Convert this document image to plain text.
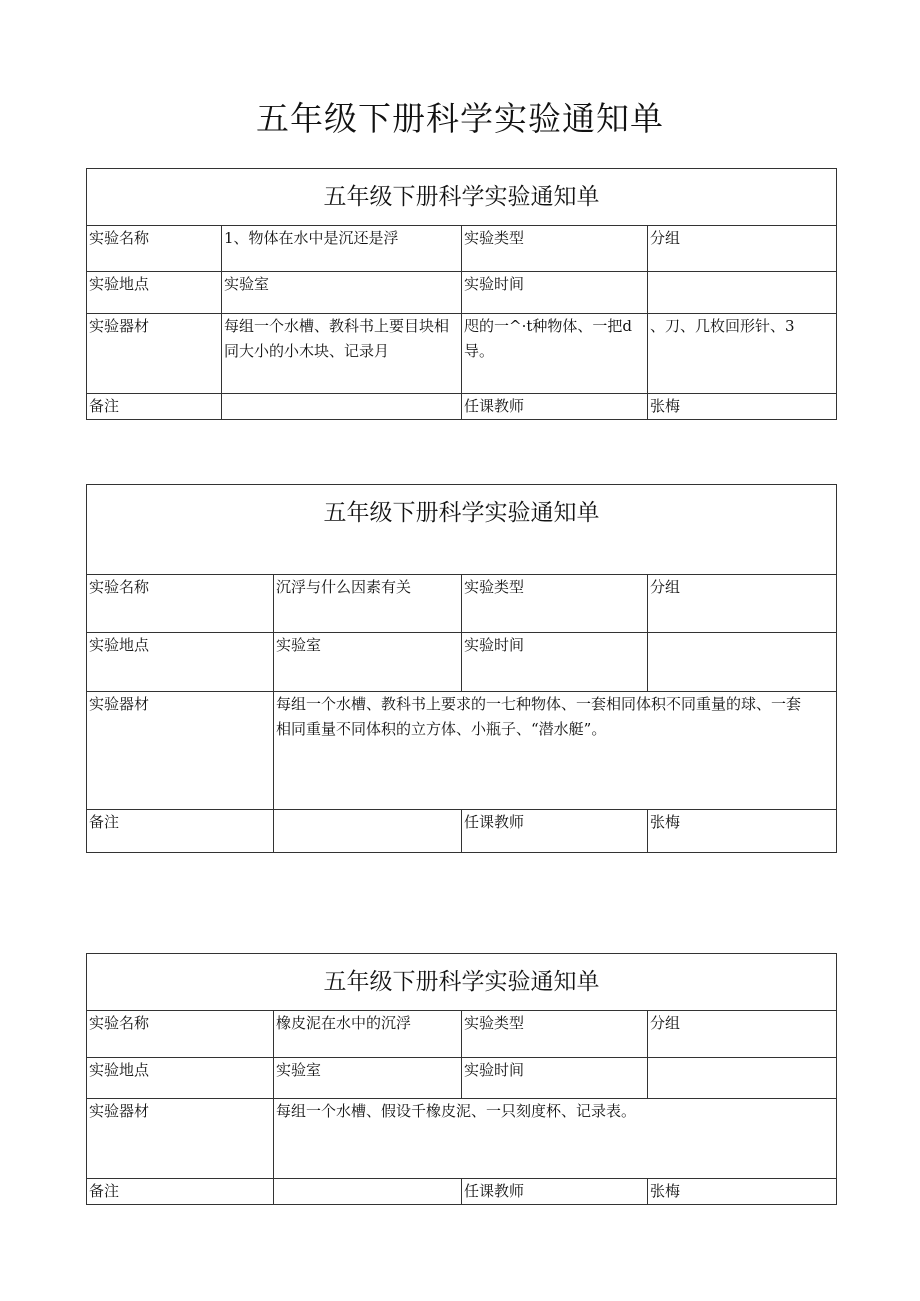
五年级下册科学实验通知单
五年级下册科学实验通知单			
实验名称	1、物体在水中是沉还是浮	实验类型	分组
实验地点	实验室	实验时间	
实验器材	每组一个水槽、教科书上要目块相同大小的小木块、记录月	咫的一^·t种物体、一把d导。	、刀、几枚回形针、3
备注		任课教师	张梅
五年级下册科学实验通知单			
实验名称	沉浮与什么因素有关	实验类型	分组
实验地点	实验室	实验时间	
实验器材	每组一个水槽、教科书上要求的一七种物体、一套相同体积不同重量的球、一套相同重量不同体积的立方体、小瓶子、“潜水艇”。		
备注		任课教师	张梅
五年级下册科学实验通知单			
实验名称	橡皮泥在水中的沉浮	实验类型	分组
实验地点	实验室	实验时间	
实验器材	每组一个水槽、假设千橡皮泥、一只刻度杯、记录表。		
备注		任课教师	张梅
